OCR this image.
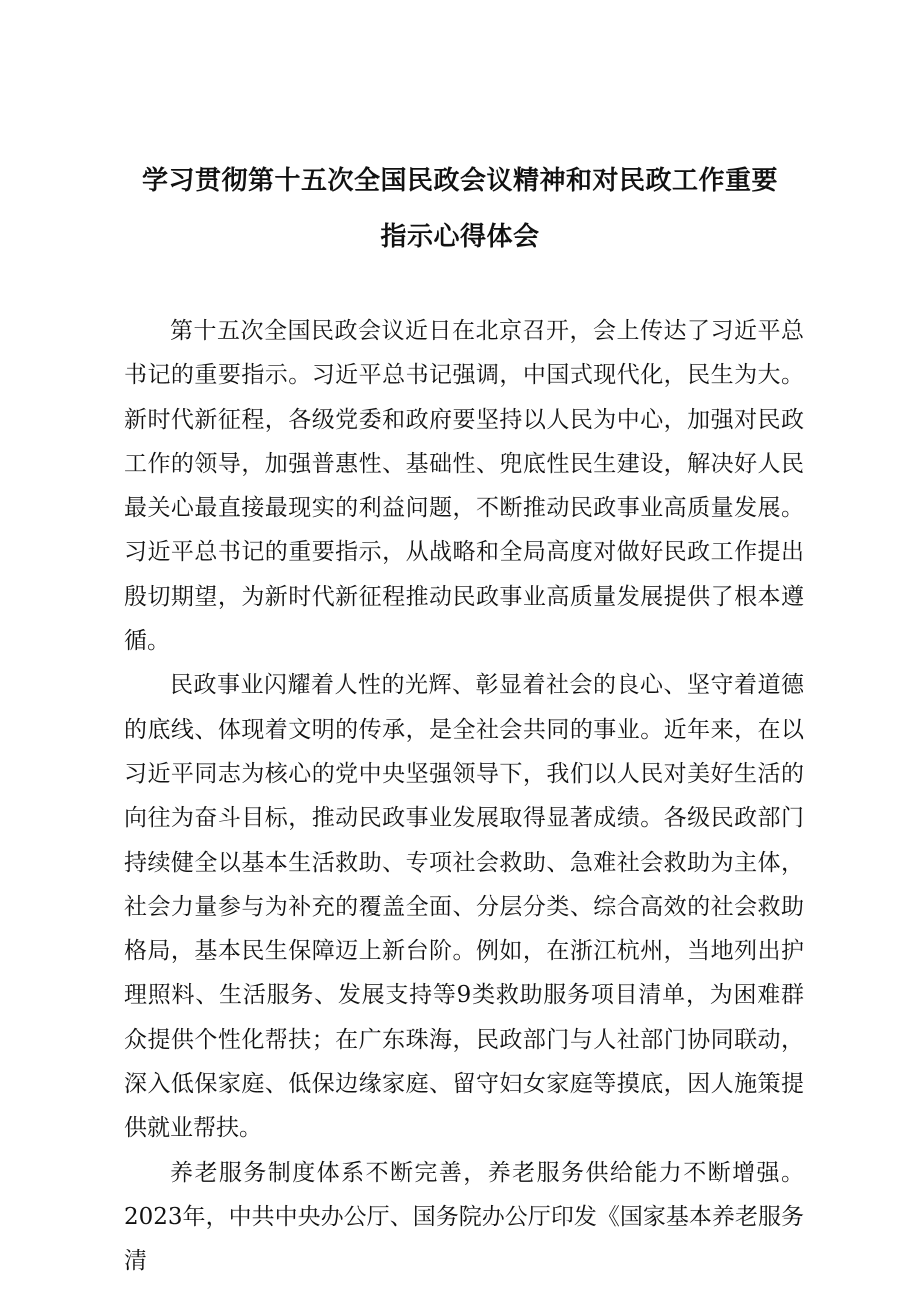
学习贯彻第十五次全国民政会议精神和对民政工作重要
指示心得体会

第十五次全国民政会议近日在北京召开，会上传达了习近平总书记的重要指示。习近平总书记强调，中国式现代化，民生为大。新时代新征程，各级党委和政府要坚持以人民为中心，加强对民政工作的领导，加强普惠性、基础性、兜底性民生建设，解决好人民最关心最直接最现实的利益问题，不断推动民政事业高质量发展。习近平总书记的重要指示，从战略和全局高度对做好民政工作提出殷切期望，为新时代新征程推动民政事业高质量发展提供了根本遵循。

民政事业闪耀着人性的光辉、彰显着社会的良心、坚守着道德的底线、体现着文明的传承，是全社会共同的事业。近年来，在以习近平同志为核心的党中央坚强领导下，我们以人民对美好生活的向往为奋斗目标，推动民政事业发展取得显著成绩。各级民政部门持续健全以基本生活救助、专项社会救助、急难社会救助为主体，社会力量参与为补充的覆盖全面、分层分类、综合高效的社会救助格局，基本民生保障迈上新台阶。例如，在浙江杭州，当地列出护理照料、生活服务、发展支持等9类救助服务项目清单，为困难群众提供个性化帮扶；在广东珠海，民政部门与人社部门协同联动，深入低保家庭、低保边缘家庭、留守妇女家庭等摸底，因人施策提供就业帮扶。

养老服务制度体系不断完善，养老服务供给能力不断增强。2023年，中共中央办公厅、国务院办公厅印发《国家基本养老服务清
